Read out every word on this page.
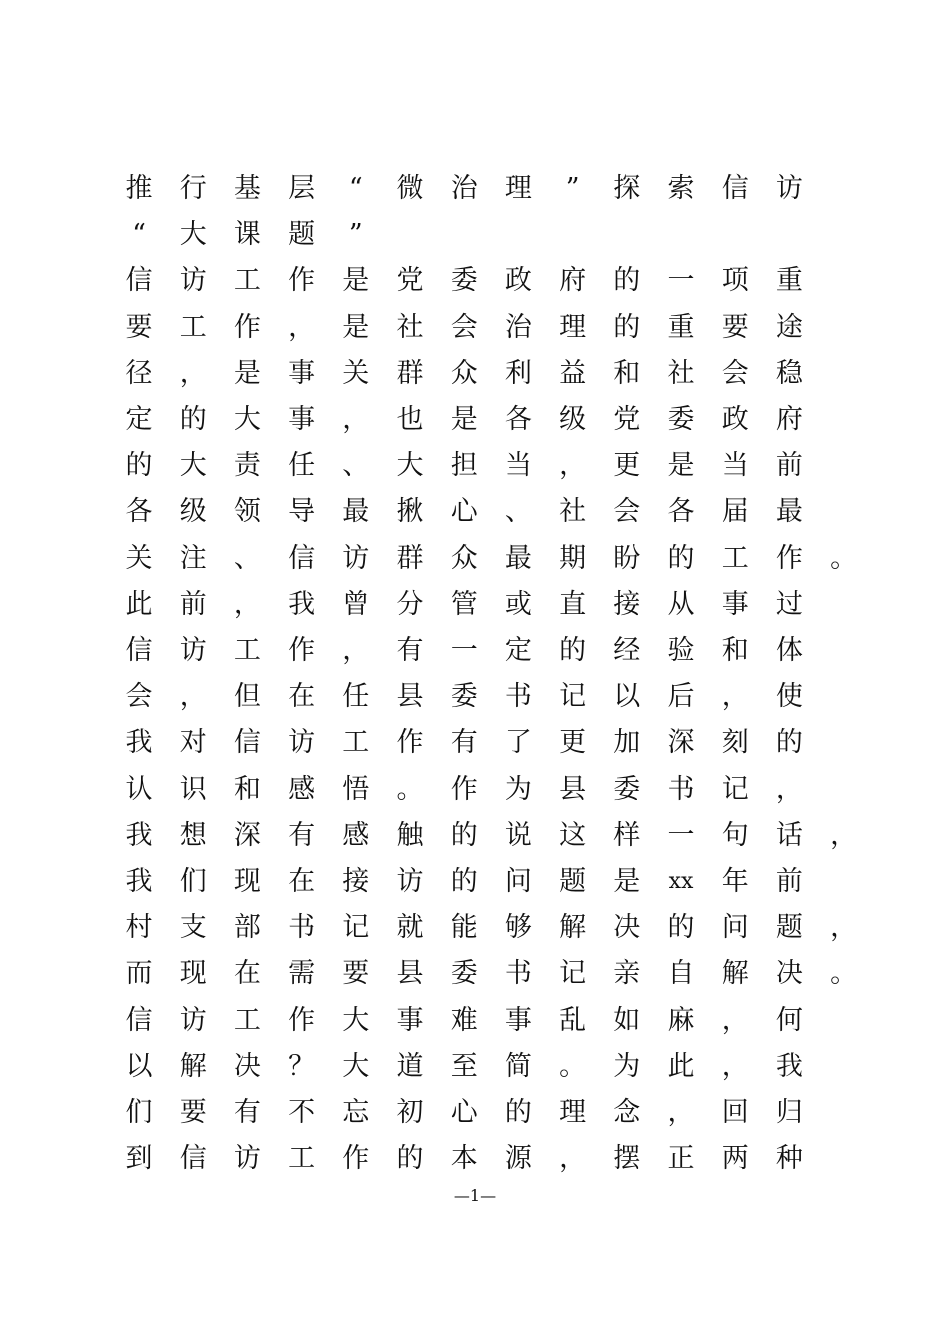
推 行 基 层 “ 微 治 理 ” 探 索 信 访
“ 大 课 题 ”
信 访 工 作 是 党 委 政 府 的 一 项 重
要 工 作 ， 是 社 会 治 理 的 重 要 途
径 ， 是 事 关 群 众 利 益 和 社 会 稳
定 的 大 事 ， 也 是 各 级 党 委 政 府
的 大 责 任 、 大 担 当 ， 更 是 当 前
各 级 领 导 最 揪 心 、 社 会 各 届 最
关 注 、 信 访 群 众 最 期 盼 的 工 作 。
此 前 ， 我 曾 分 管 或 直 接 从 事 过
信 访 工 作 ， 有 一 定 的 经 验 和 体
会 ， 但 在 任 县 委 书 记 以 后 ， 使
我 对 信 访 工 作 有 了 更 加 深 刻 的
认 识 和 感 悟 。 作 为 县 委 书 记 ，
我 想 深 有 感 触 的 说 这 样 一 句 话 ，
我 们 现 在 接 访 的 问 题 是 xx 年 前
村 支 部 书 记 就 能 够 解 决 的 问 题 ，
而 现 在 需 要 县 委 书 记 亲 自 解 决 。
信 访 工 作 大 事 难 事 乱 如 麻 ， 何
以 解 决 ？ 大 道 至 简 。 为 此 ， 我
们 要 有 不 忘 初 心 的 理 念 ， 回 归
到 信 访 工 作 的 本 源 ， 摆 正 两 种
—1—
